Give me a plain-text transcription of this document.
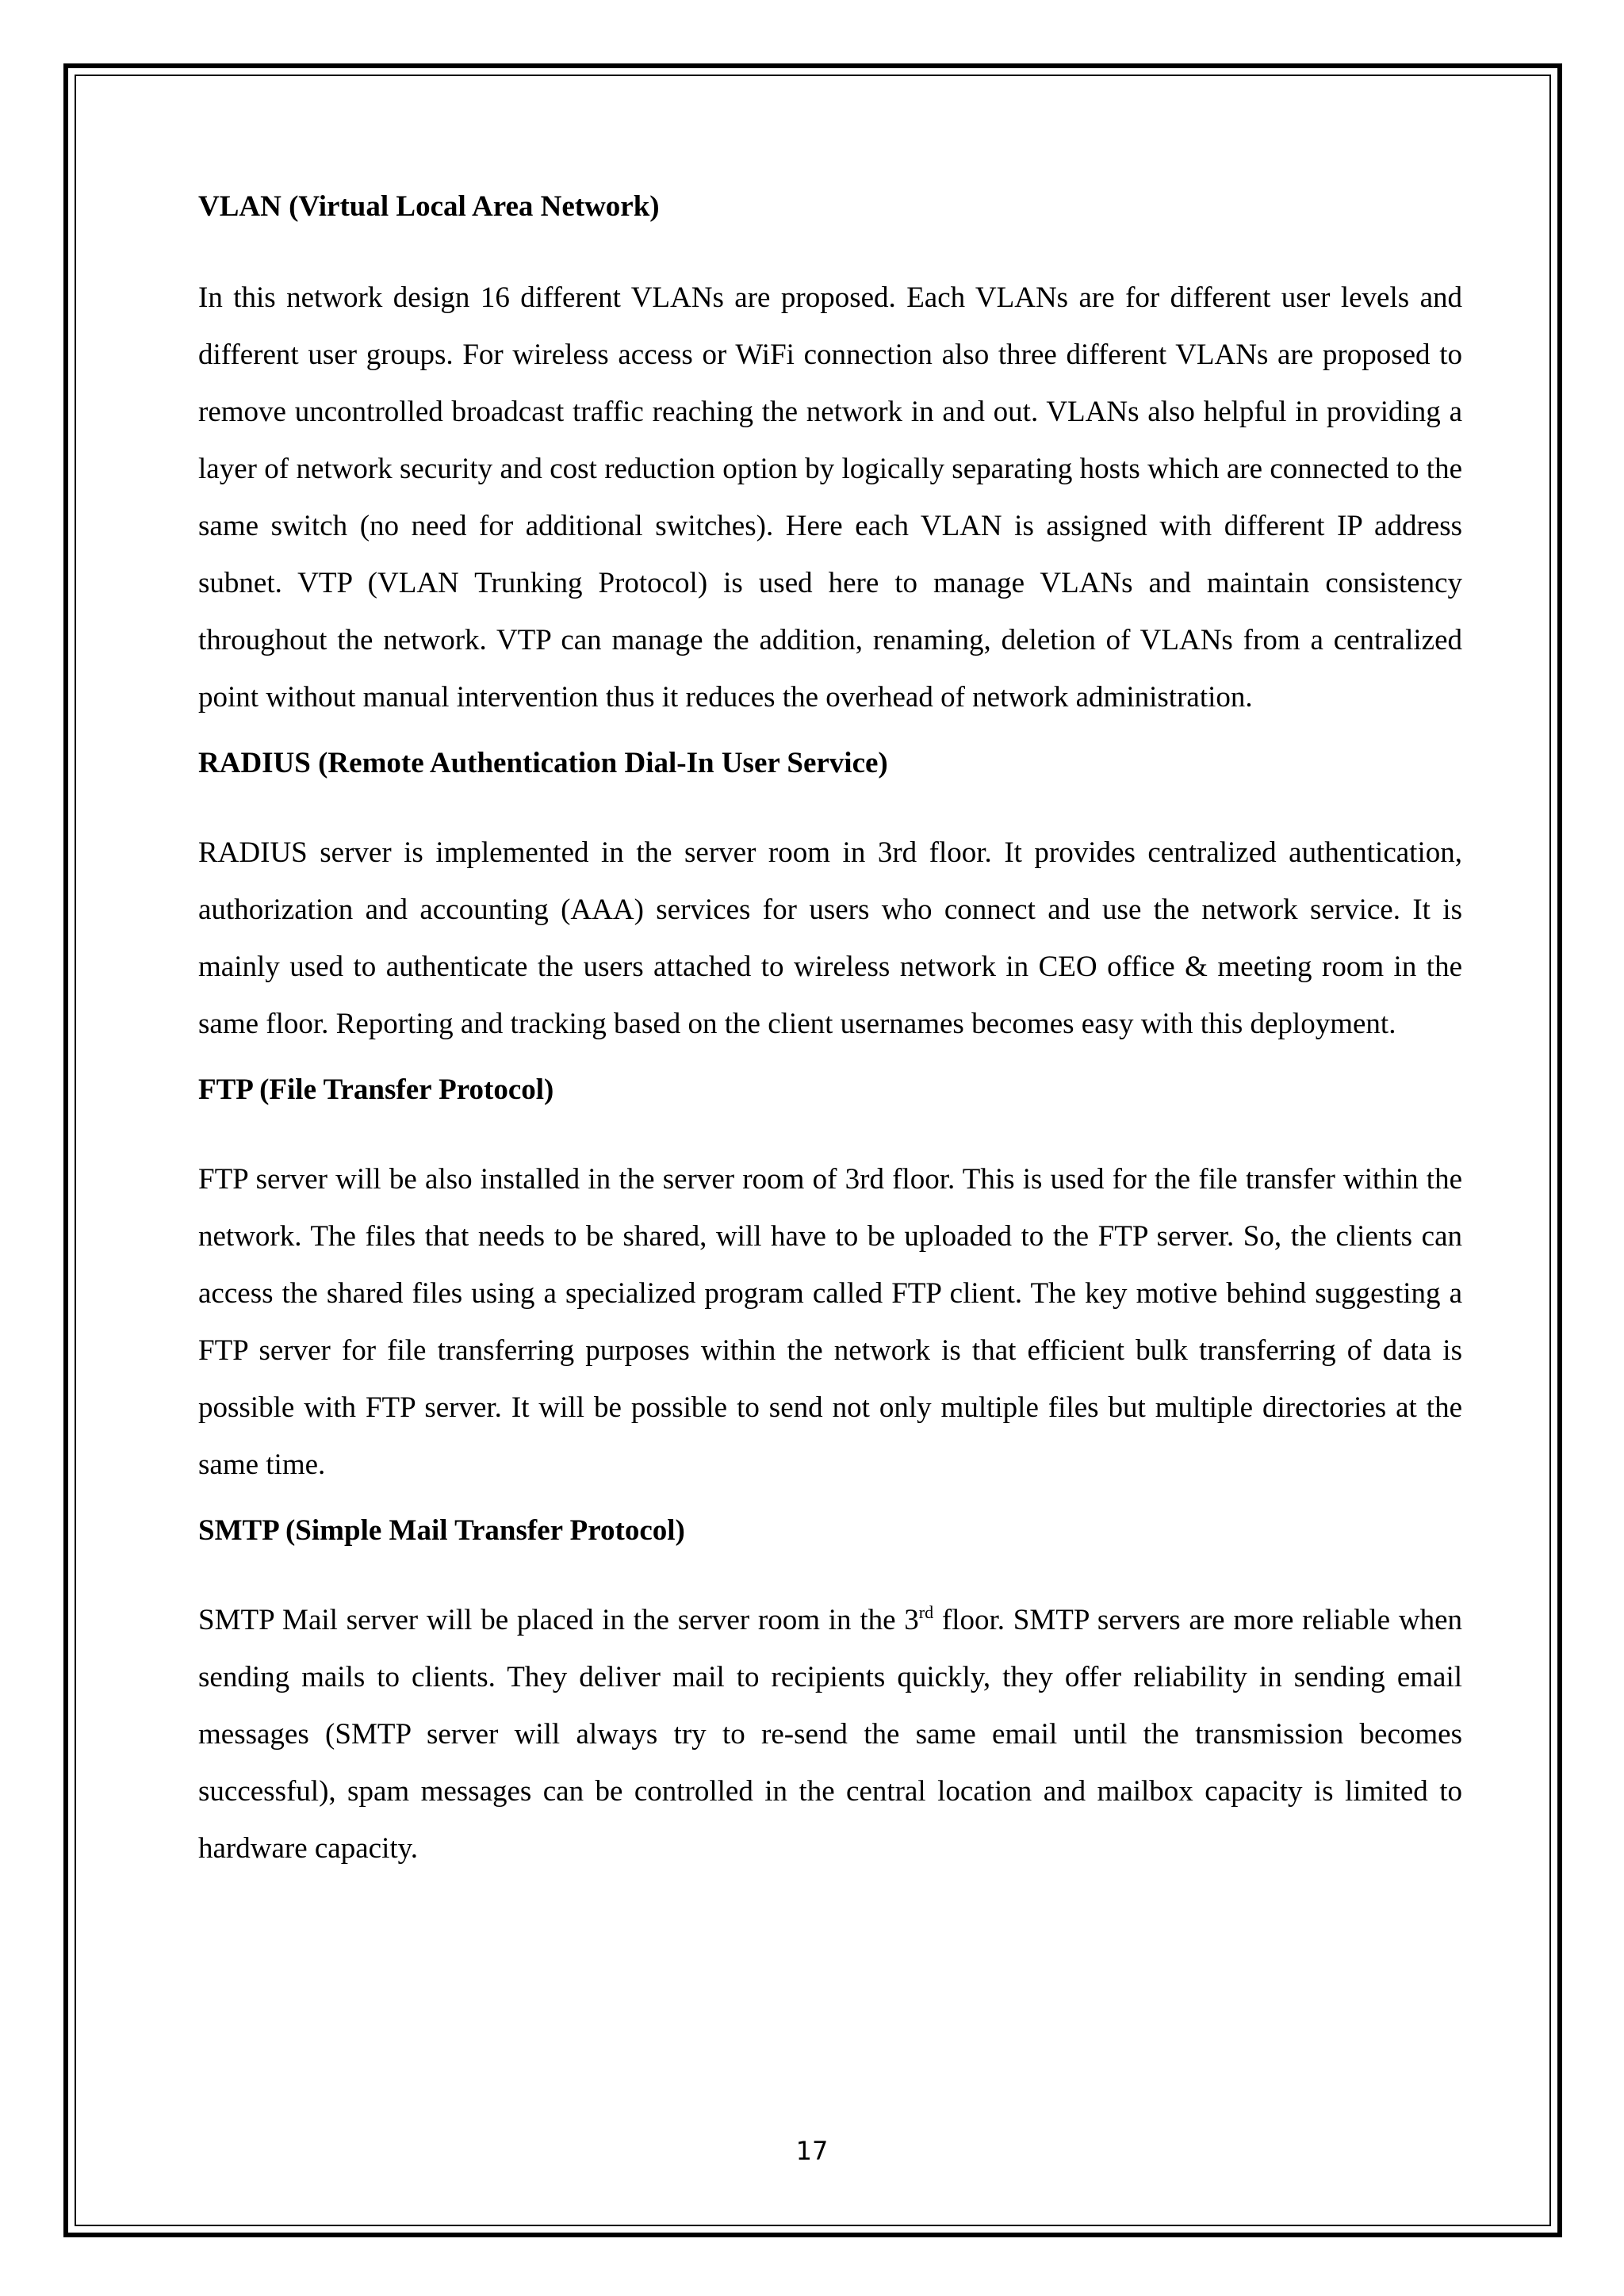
VLAN (Virtual Local Area Network)

In this network design 16 different VLANs are proposed. Each VLANs are for different user levels and different user groups. For wireless access or WiFi connection also three different VLANs are proposed to remove uncontrolled broadcast traffic reaching the network in and out. VLANs also helpful in providing a layer of network security and cost reduction option by logically separating hosts which are connected to the same switch (no need for additional switches). Here each VLAN is assigned with different IP address subnet. VTP (VLAN Trunking Protocol) is used here to manage VLANs and maintain consistency throughout the network. VTP can manage the addition, renaming, deletion of VLANs from a centralized point without manual intervention thus it reduces the overhead of network administration.

RADIUS (Remote Authentication Dial-In User Service)

RADIUS server is implemented in the server room in 3rd floor. It provides centralized authentication, authorization and accounting (AAA) services for users who connect and use the network service. It is mainly used to authenticate the users attached to wireless network in CEO office & meeting room in the same floor. Reporting and tracking based on the client usernames becomes easy with this deployment.

FTP (File Transfer Protocol)

FTP server will be also installed in the server room of 3rd floor. This is used for the file transfer within the network. The files that needs to be shared, will have to be uploaded to the FTP server. So, the clients can access the shared files using a specialized program called FTP client. The key motive behind suggesting a FTP server for file transferring purposes within the network is that efficient bulk transferring of data is possible with FTP server. It will be possible to send not only multiple files but multiple directories at the same time.

SMTP (Simple Mail Transfer Protocol)

SMTP Mail server will be placed in the server room in the 3rd floor. SMTP servers are more reliable when sending mails to clients. They deliver mail to recipients quickly, they offer reliability in sending email messages (SMTP server will always try to re-send the same email until the transmission becomes successful), spam messages can be controlled in the central location and mailbox capacity is limited to hardware capacity.

17
